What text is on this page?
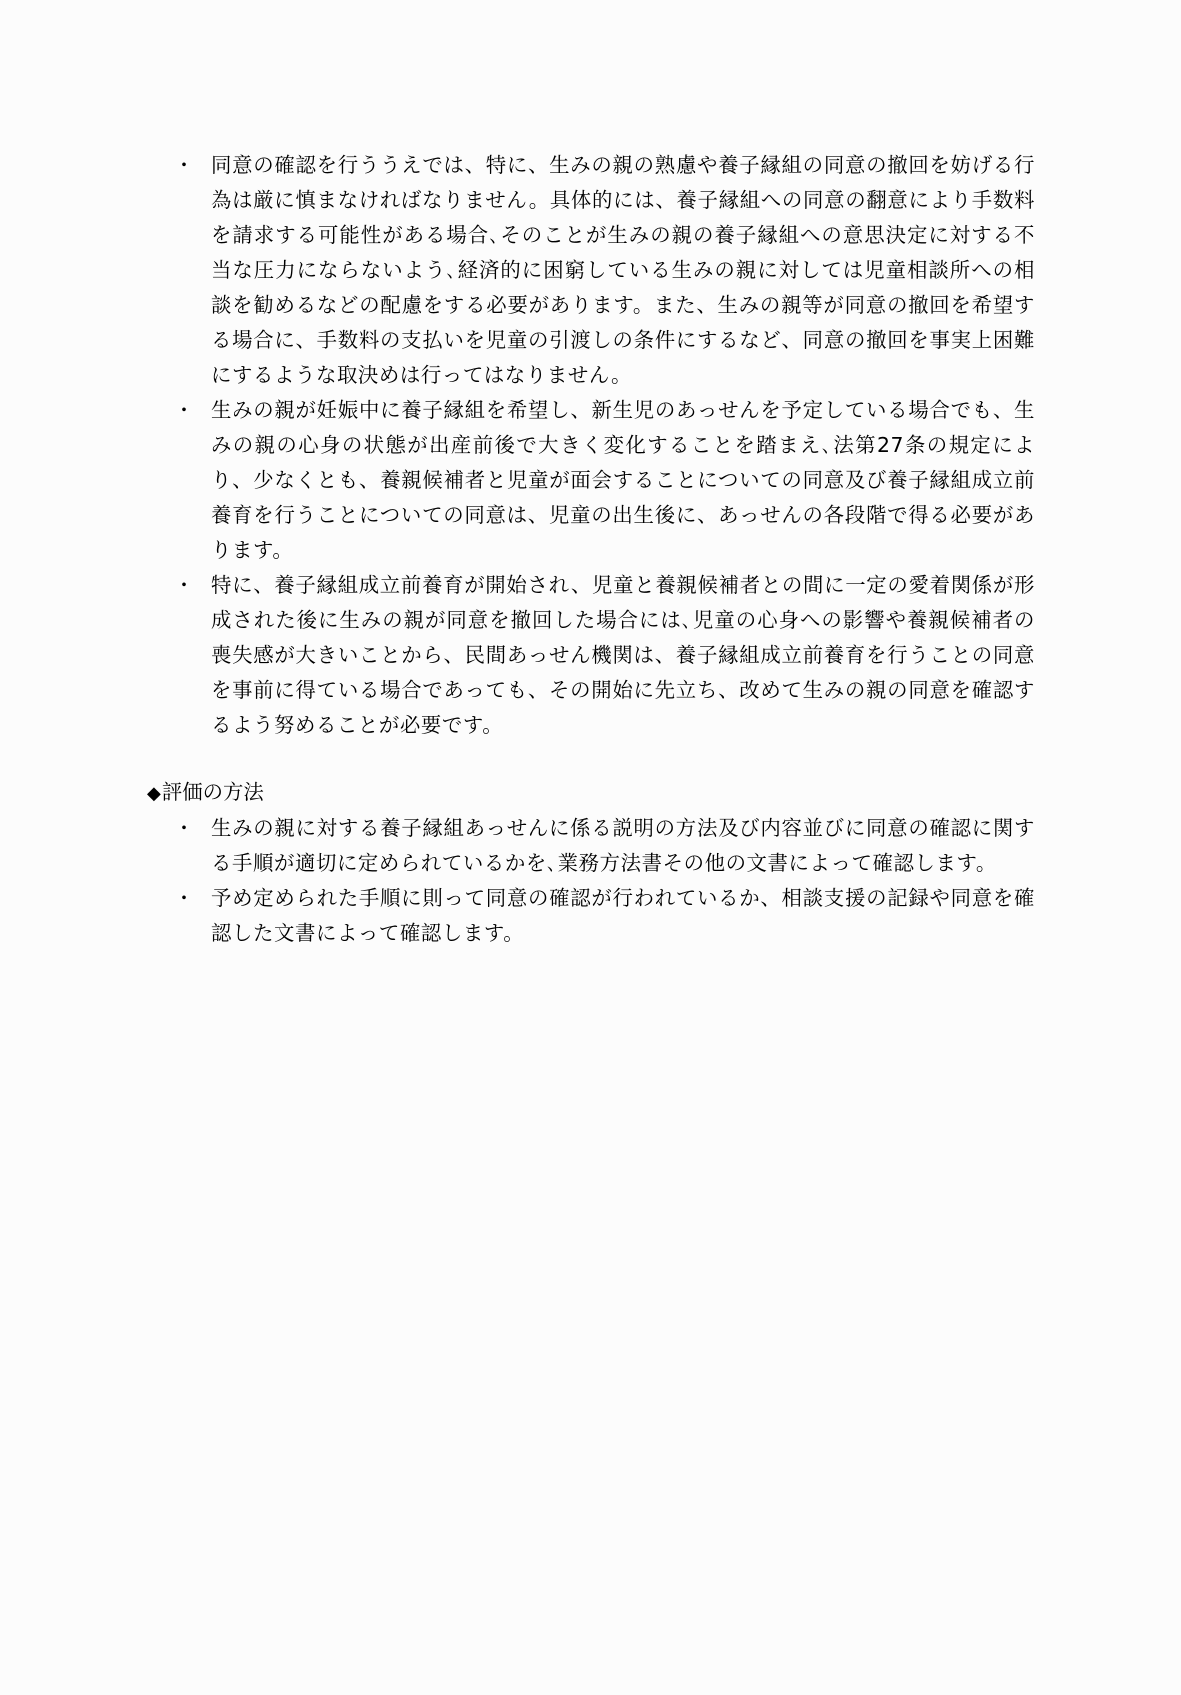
・ 同意の確認を行ううえでは、特に、生みの親の熟慮や養子縁組の同意の撤回を妨げる行為は厳に慎まなければなりません。具体的には、養子縁組への同意の翻意により手数料を請求する可能性がある場合､そのことが生みの親の養子縁組への意思決定に対する不当な圧力にならないよう､経済的に困窮している生みの親に対しては児童相談所への相談を勧めるなどの配慮をする必要があります。また、生みの親等が同意の撤回を希望する場合に、手数料の支払いを児童の引渡しの条件にするなど、同意の撤回を事実上困難にするような取決めは行ってはなりません。
・ 生みの親が妊娠中に養子縁組を希望し、新生児のあっせんを予定している場合でも、生みの親の心身の状態が出産前後で大きく変化することを踏まえ､法第27条の規定により、少なくとも、養親候補者と児童が面会することについての同意及び養子縁組成立前養育を行うことについての同意は、児童の出生後に、あっせんの各段階で得る必要があります。
・ 特に、養子縁組成立前養育が開始され、児童と養親候補者との間に一定の愛着関係が形成された後に生みの親が同意を撤回した場合には､児童の心身への影響や養親候補者の喪失感が大きいことから、民間あっせん機関は、養子縁組成立前養育を行うことの同意を事前に得ている場合であっても、その開始に先立ち、改めて生みの親の同意を確認するよう努めることが必要です。
◆評価の方法
・ 生みの親に対する養子縁組あっせんに係る説明の方法及び内容並びに同意の確認に関する手順が適切に定められているかを､業務方法書その他の文書によって確認します。
・ 予め定められた手順に則って同意の確認が行われているか、相談支援の記録や同意を確認した文書によって確認します。
